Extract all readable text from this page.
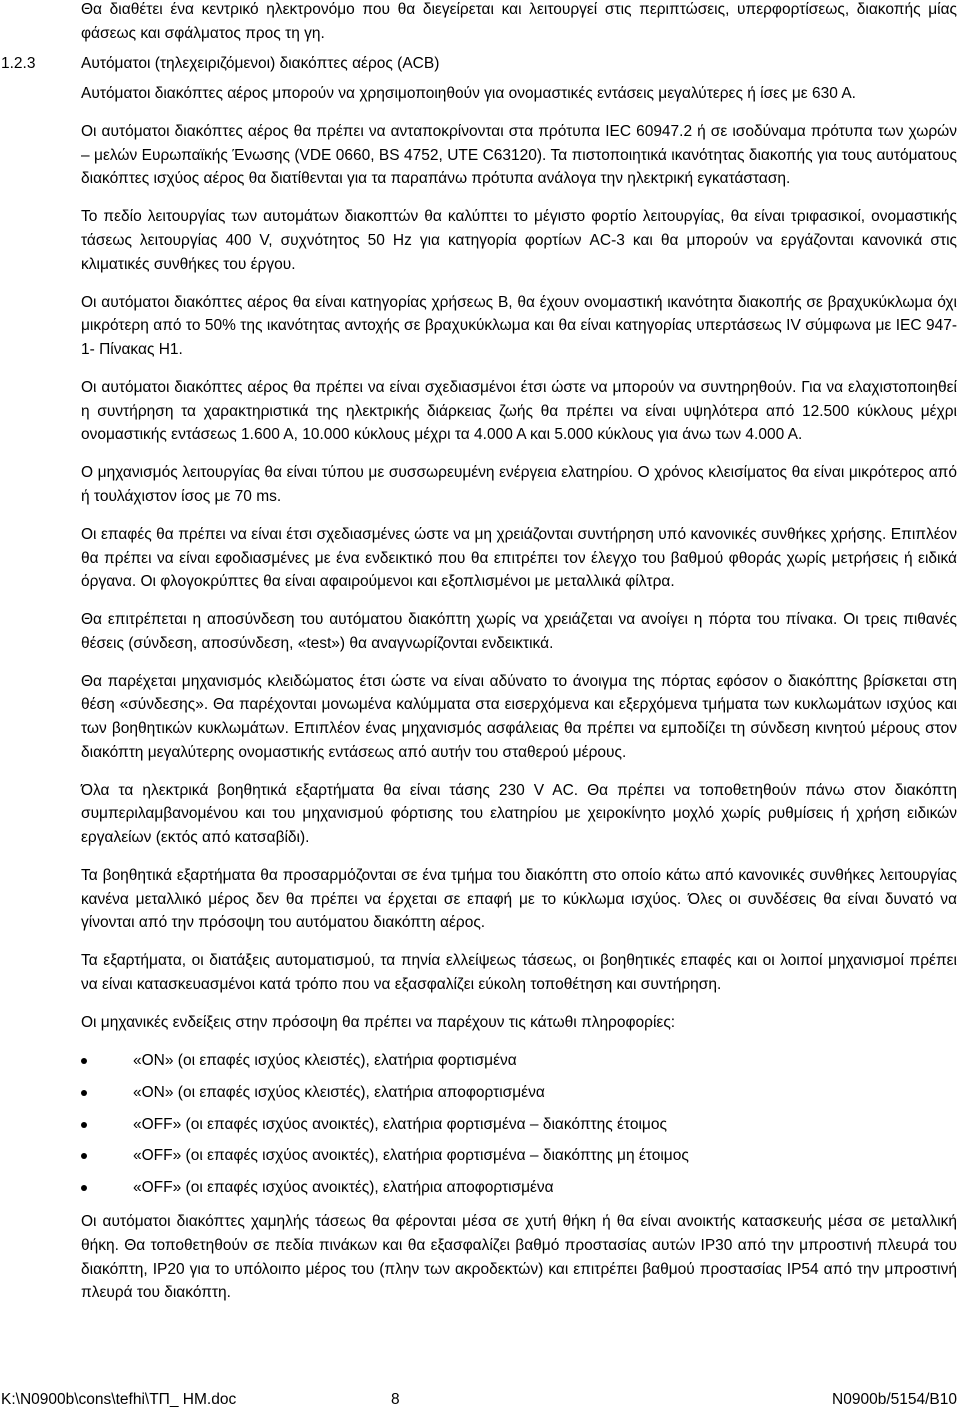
Θα διαθέτει ένα κεντρικό ηλεκτρονόμο που θα διεγείρεται και λειτουργεί στις περιπτώσεις, υπερφορτίσεως, διακοπής μίας φάσεως και σφάλματος προς τη γη.

1.2.3	Αυτόματοι (τηλεχειριζόμενοι) διακόπτες αέρος (ACB)

Αυτόματοι διακόπτες αέρος μπορούν να χρησιμοποιηθούν για ονομαστικές εντάσεις μεγαλύτερες ή ίσες με 630 Α.

Οι αυτόματοι διακόπτες αέρος θα πρέπει να ανταποκρίνονται στα πρότυπα IEC 60947.2 ή σε ισοδύναμα πρότυπα των χωρών – μελών Ευρωπαϊκής Ένωσης (VDE 0660, BS 4752, UTE C63120). Τα πιστοποιητικά ικανότητας διακοπής για τους αυτόματους διακόπτες ισχύος αέρος θα διατίθενται για τα παραπάνω πρότυπα ανάλογα την ηλεκτρική εγκατάσταση.

Το πεδίο λειτουργίας των αυτομάτων διακοπτών θα καλύπτει το μέγιστο φορτίο λειτουργίας, θα είναι τριφασικοί, ονομαστικής τάσεως λειτουργίας 400 V, συχνότητος 50 Hz για κατηγορία φορτίων AC-3 και θα μπορούν να εργάζονται κανονικά στις κλιματικές συνθήκες του έργου.

Οι αυτόματοι διακόπτες αέρος θα είναι κατηγορίας χρήσεως B, θα έχουν ονομαστική ικανότητα διακοπής σε βραχυκύκλωμα όχι μικρότερη από το 50% της ικανότητας αντοχής σε βραχυκύκλωμα και θα είναι κατηγορίας υπερτάσεως IV σύμφωνα με IEC 947-1- Πίνακας H1.

Οι αυτόματοι διακόπτες αέρος θα πρέπει να είναι σχεδιασμένοι έτσι ώστε να μπορούν να συντηρηθούν. Για να ελαχιστοποιηθεί η συντήρηση τα χαρακτηριστικά της ηλεκτρικής διάρκειας ζωής θα πρέπει να είναι υψηλότερα από 12.500 κύκλους μέχρι ονομαστικής εντάσεως 1.600 Α, 10.000 κύκλους μέχρι τα 4.000 Α και 5.000 κύκλους για άνω των 4.000 Α.

Ο μηχανισμός λειτουργίας θα είναι τύπου με συσσωρευμένη ενέργεια ελατηρίου. Ο χρόνος κλεισίματος θα είναι μικρότερος από ή τουλάχιστον ίσος με 70 ms.

Οι επαφές θα πρέπει να είναι έτσι σχεδιασμένες ώστε να μη χρειάζονται συντήρηση υπό κανονικές συνθήκες χρήσης. Επιπλέον θα πρέπει να είναι εφοδιασμένες με ένα ενδεικτικό που θα επιτρέπει τον έλεγχο του βαθμού φθοράς χωρίς μετρήσεις ή ειδικά όργανα. Οι φλογοκρύπτες θα είναι αφαιρούμενοι και εξοπλισμένοι με μεταλλικά φίλτρα.

Θα επιτρέπεται η αποσύνδεση του αυτόματου διακόπτη χωρίς να χρειάζεται να ανοίγει η πόρτα του πίνακα. Οι τρεις πιθανές θέσεις (σύνδεση, αποσύνδεση, «test») θα αναγνωρίζονται ενδεικτικά.

Θα παρέχεται μηχανισμός κλειδώματος έτσι ώστε να είναι αδύνατο το άνοιγμα της πόρτας εφόσον ο διακόπτης βρίσκεται στη θέση «σύνδεσης». Θα παρέχονται μονωμένα καλύμματα στα εισερχόμενα και εξερχόμενα τμήματα των κυκλωμάτων ισχύος και των βοηθητικών κυκλωμάτων. Επιπλέον ένας μηχανισμός ασφάλειας θα πρέπει να εμποδίζει τη σύνδεση κινητού μέρους στον διακόπτη μεγαλύτερης ονομαστικής εντάσεως από αυτήν του σταθερού μέρους.

Όλα τα ηλεκτρικά βοηθητικά εξαρτήματα θα είναι τάσης 230 V AC. Θα πρέπει να τοποθετηθούν πάνω στον διακόπτη συμπεριλαμβανομένου και του μηχανισμού φόρτισης του ελατηρίου με χειροκίνητο μοχλό χωρίς ρυθμίσεις ή χρήση ειδικών εργαλείων (εκτός από κατσαβίδι).

Τα βοηθητικά εξαρτήματα θα προσαρμόζονται σε ένα τμήμα του διακόπτη στο οποίο κάτω από κανονικές συνθήκες λειτουργίας κανένα μεταλλικό μέρος δεν θα πρέπει να έρχεται σε επαφή με το κύκλωμα ισχύος. Όλες οι συνδέσεις θα είναι δυνατό να γίνονται από την πρόσοψη του αυτόματου διακόπτη αέρος.

Τα εξαρτήματα, οι διατάξεις αυτοματισμού, τα πηνία ελλείψεως τάσεως, οι βοηθητικές επαφές και οι λοιποί μηχανισμοί πρέπει να είναι κατασκευασμένοι κατά τρόπο που να εξασφαλίζει εύκολη τοποθέτηση και συντήρηση.

Οι μηχανικές ενδείξεις στην πρόσοψη θα πρέπει να παρέχουν τις κάτωθι πληροφορίες:

«ΟΝ» (οι επαφές ισχύος κλειστές), ελατήρια φορτισμένα
«ΟΝ» (οι επαφές ισχύος κλειστές), ελατήρια αποφορτισμένα
«OFF» (οι επαφές ισχύος ανοικτές), ελατήρια φορτισμένα – διακόπτης έτοιμος
«OFF» (οι επαφές ισχύος ανοικτές), ελατήρια φορτισμένα – διακόπτης μη έτοιμος
«OFF» (οι επαφές ισχύος ανοικτές), ελατήρια αποφορτισμένα

Οι αυτόματοι διακόπτες χαμηλής τάσεως θα φέρονται μέσα σε χυτή θήκη ή θα είναι ανοικτής κατασκευής μέσα σε μεταλλική θήκη. Θα τοποθετηθούν σε πεδία πινάκων και θα εξασφαλίζει βαθμό προστασίας αυτών IP30 από την μπροστινή πλευρά του διακόπτη, IP20 για το υπόλοιπο μέρος του (πλην των ακροδεκτών) και επιτρέπει βαθμού προστασίας IP54 από την μπροστινή πλευρά του διακόπτη.

K:\N0900b\cons\tefhi\ΤΠ_ ΗΜ.doc	8	N0900b/5154/B10
